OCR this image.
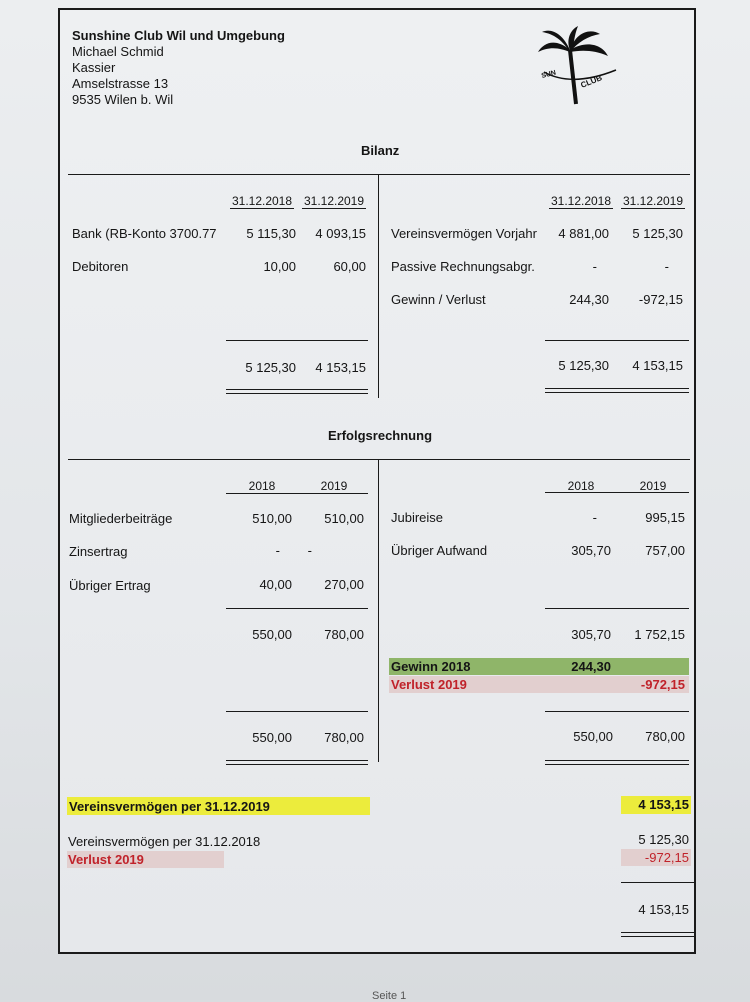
Sunshine Club Wil und Umgebung
Michael Schmid
Kassier
Amselstrasse 13
9535 Wilen b. Wil
SUN	CLUB
Bilanz
31.12.2018 31.12.2019
Bank (RB-Konto 3700.77	5 115,30	4 093,15
Debitoren	10,00	60,00
5 125,30	4 153,15
31.12.2018 31.12.2019
Vereinsvermögen Vorjahr	4 881,00	5 125,30
Passive Rechnungsabgr.	-	-
Gewinn / Verlust	244,30	-972,15
5 125,30	4 153,15
Erfolgsrechnung
2018	2019
Mitgliederbeiträge	510,00	510,00
Zinsertrag	-	-
Übriger Ertrag	40,00	270,00
550,00	780,00
550,00	780,00
2018	2019
Jubireise	-	995,15
Übriger Aufwand	305,70	757,00
305,70	1 752,15
Gewinn 2018	244,30
Verlust 2019	-972,15
550,00	780,00
Vereinsvermögen per 31.12.2019	4 153,15
Vereinsvermögen per 31.12.2018	5 125,30
Verlust 2019	-972,15
4 153,15
Seite 1
